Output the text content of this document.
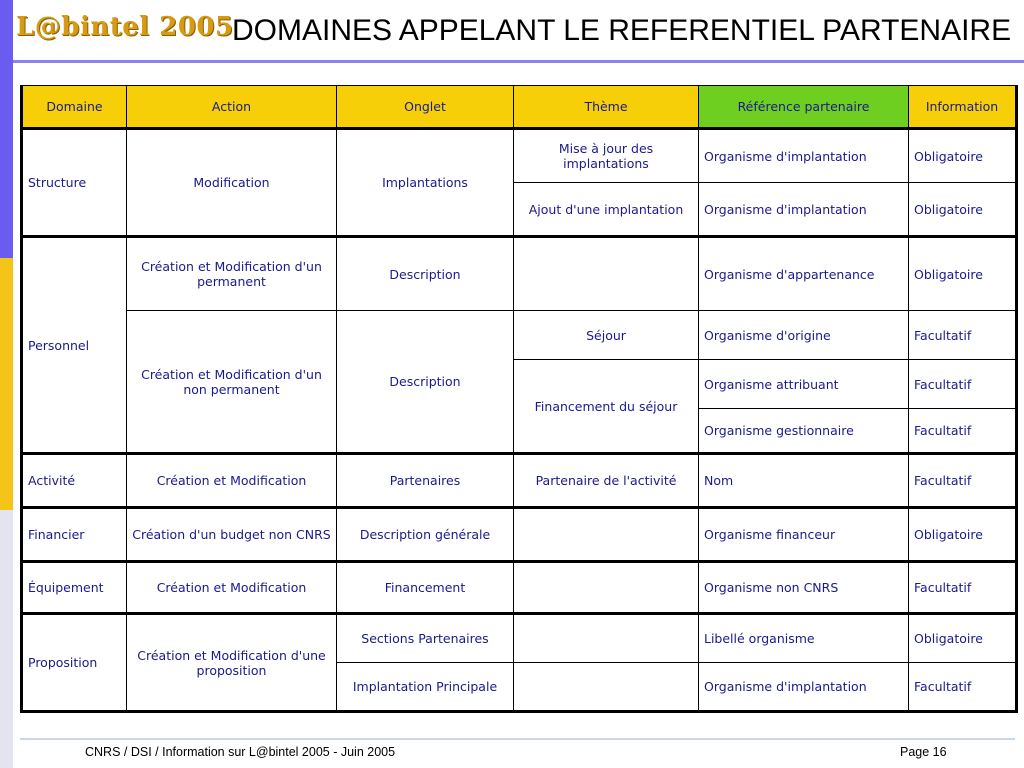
L@bintel 2005
DOMAINES APPELANT LE REFERENTIEL PARTENAIRE
Domaine	Action	Onglet	Thème	Référence partenaire	Information
Structure	Modification	Implantations	Mise à jour des implantations	Organisme d'implantation	Obligatoire
			Ajout d'une implantation	Organisme d'implantation	Obligatoire
Personnel	Création et Modification d'un permanent	Description		Organisme d'appartenance	Obligatoire
	Création et Modification d'un non permanent	Description	Séjour	Organisme d'origine	Facultatif
			Financement du séjour	Organisme attribuant	Facultatif
				Organisme gestionnaire	Facultatif
Activité	Création et Modification	Partenaires	Partenaire de l'activité	Nom	Facultatif
Financier	Création d'un budget non CNRS	Description générale		Organisme financeur	Obligatoire
Équipement	Création et Modification	Financement		Organisme non CNRS	Facultatif
Proposition	Création et Modification d'une proposition	Sections Partenaires		Libellé organisme	Obligatoire
		Implantation Principale		Organisme d'implantation	Facultatif
CNRS / DSI / Information sur L@bintel 2005 - Juin 2005	Page 16
